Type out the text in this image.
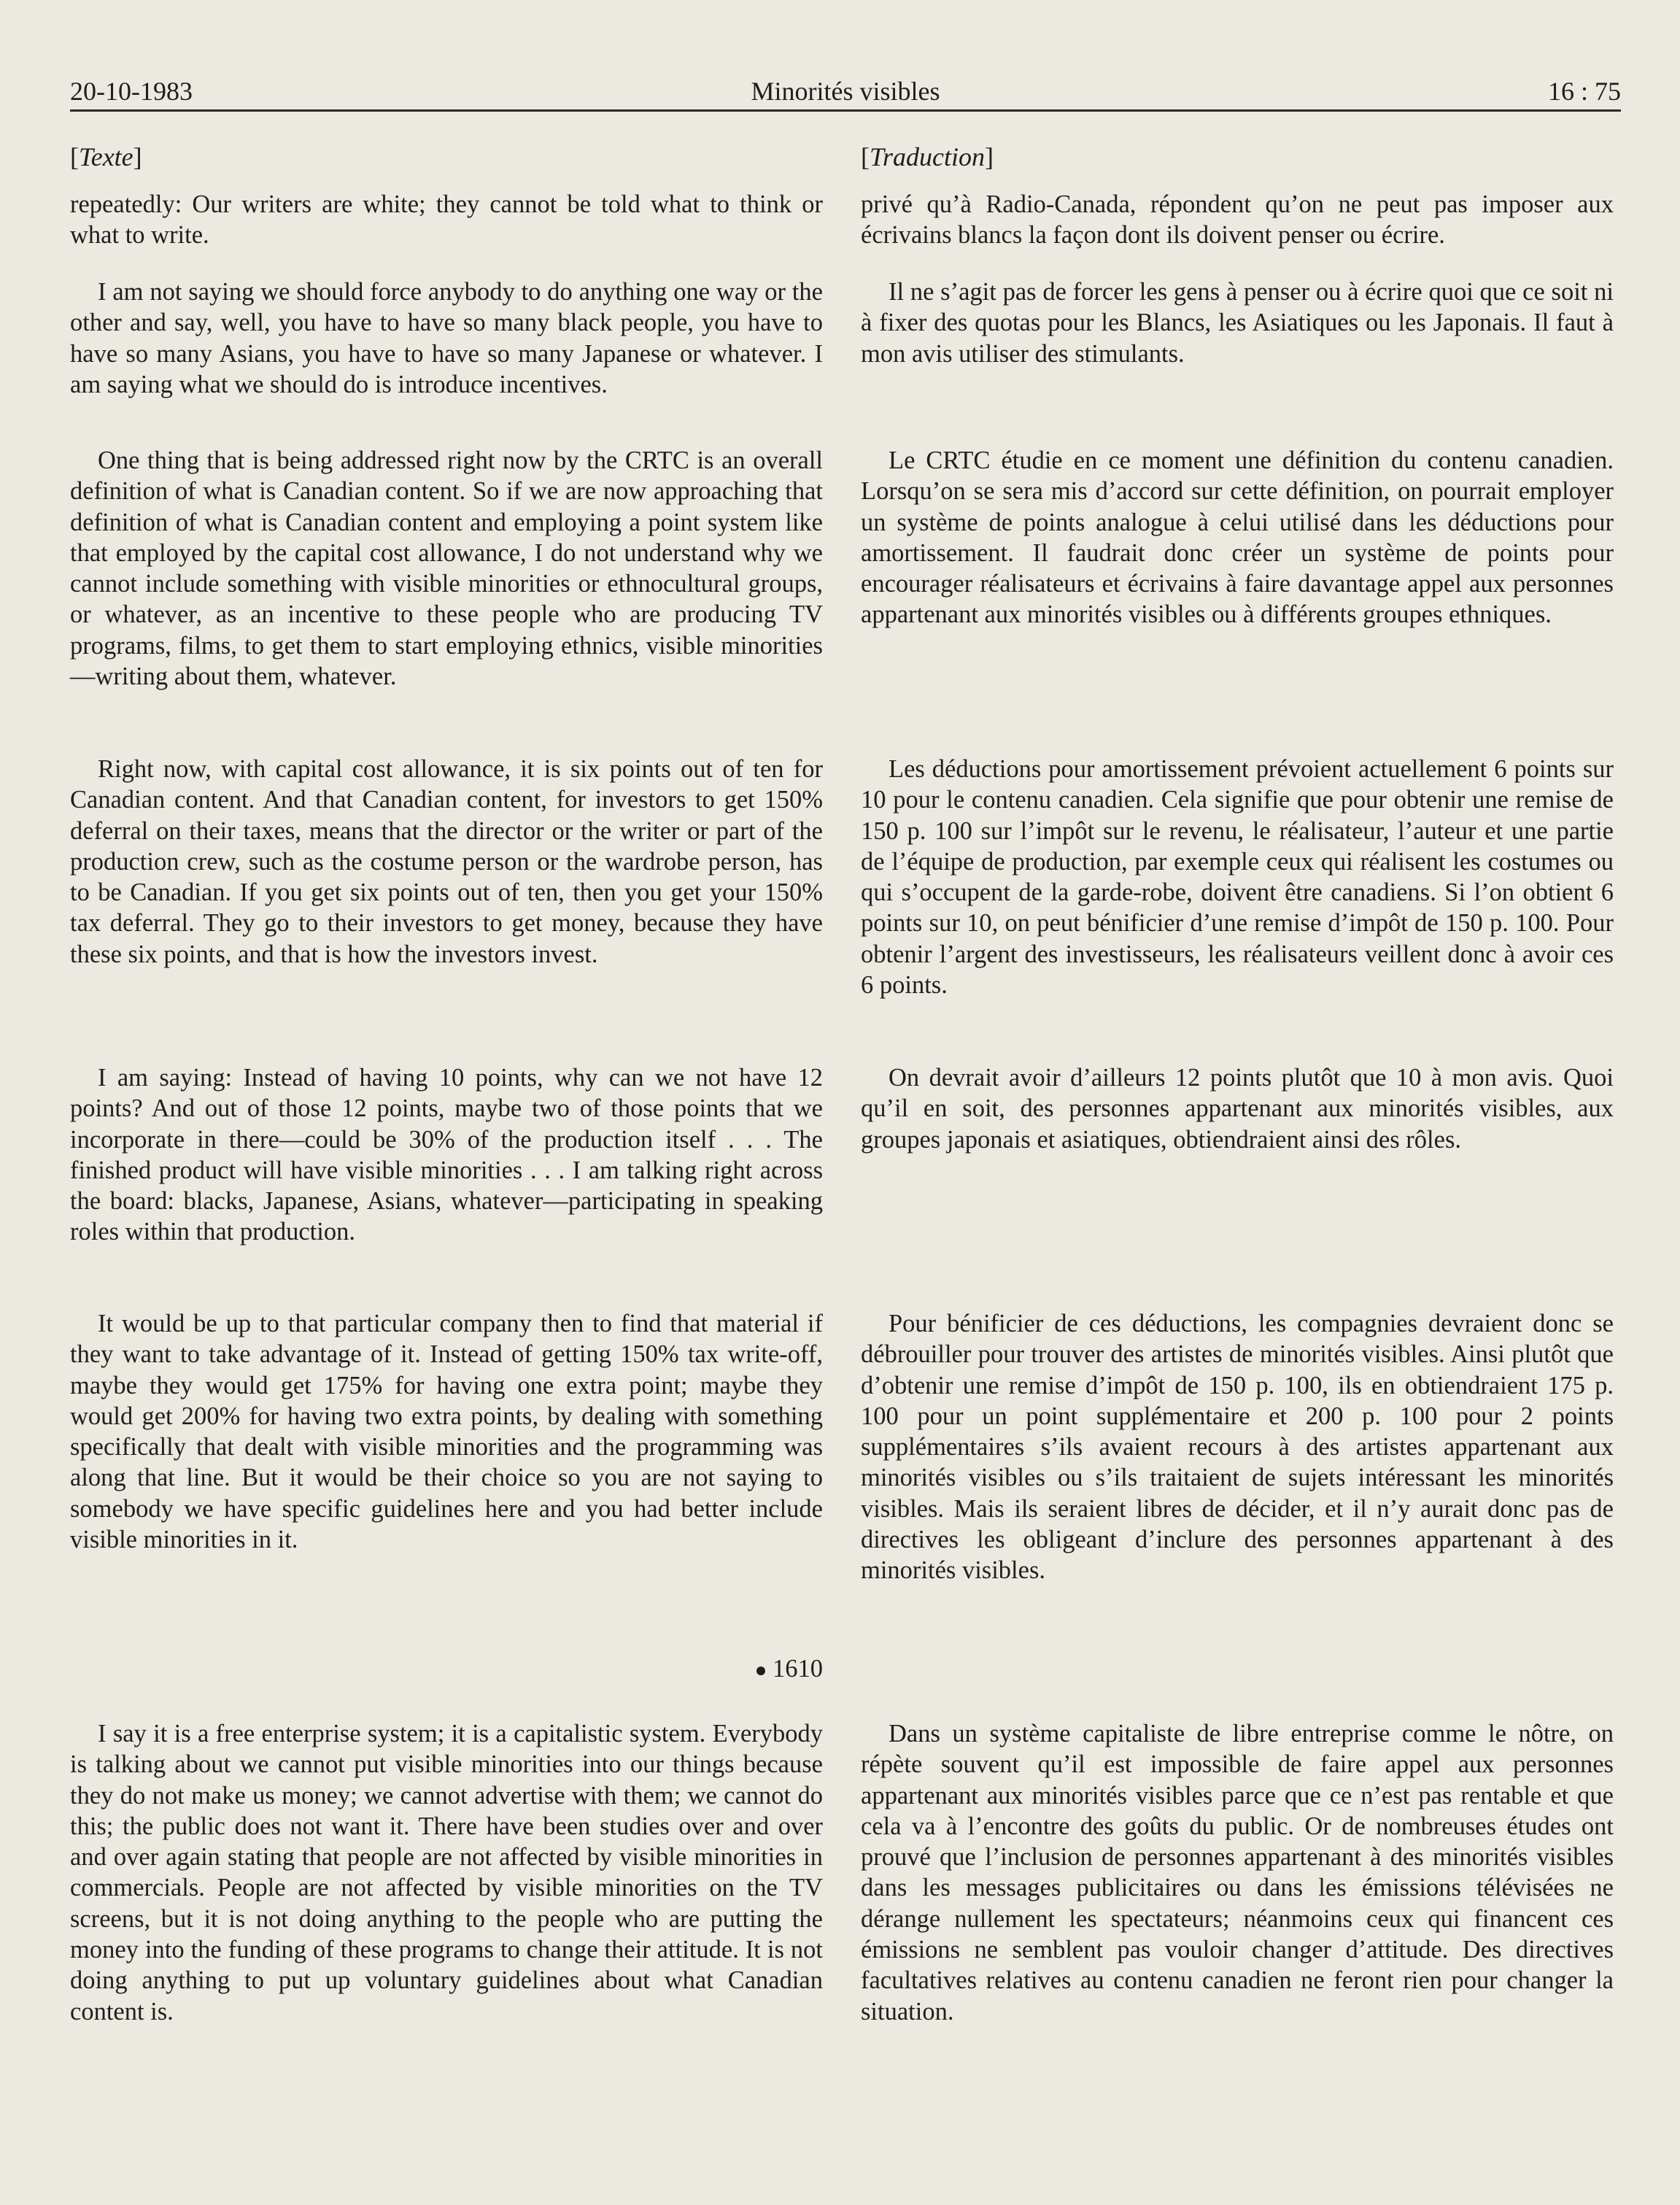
20-10-1983	Minorités visibles	16 : 75
[Texte]

repeatedly: Our writers are white; they cannot be told what to think or what to write.

I am not saying we should force anybody to do anything one way or the other and say, well, you have to have so many black people, you have to have so many Asians, you have to have so many Japanese or whatever. I am saying what we should do is introduce incentives.

One thing that is being addressed right now by the CRTC is an overall definition of what is Canadian content. So if we are now approaching that definition of what is Canadian content and employing a point system like that employed by the capital cost allowance, I do not understand why we cannot include something with visible minorities or ethnocultural groups, or whatever, as an incentive to these people who are producing TV programs, films, to get them to start employing ethnics, visible minorities—writing about them, whatever.

Right now, with capital cost allowance, it is six points out of ten for Canadian content. And that Canadian content, for investors to get 150% deferral on their taxes, means that the director or the writer or part of the production crew, such as the costume person or the wardrobe person, has to be Canadian. If you get six points out of ten, then you get your 150% tax deferral. They go to their investors to get money, because they have these six points, and that is how the investors invest.

I am saying: Instead of having 10 points, why can we not have 12 points? And out of those 12 points, maybe two of those points that we incorporate in there—could be 30% of the production itself . . . The finished product will have visible minorities . . . I am talking right across the board: blacks, Japanese, Asians, whatever—participating in speaking roles within that production.

It would be up to that particular company then to find that material if they want to take advantage of it. Instead of getting 150% tax write-off, maybe they would get 175% for having one extra point; maybe they would get 200% for having two extra points, by dealing with something specifically that dealt with visible minorities and the programming was along that line. But it would be their choice so you are not saying to somebody we have specific guidelines here and you had better include visible minorities in it.

1610

I say it is a free enterprise system; it is a capitalistic system. Everybody is talking about we cannot put visible minorities into our things because they do not make us money; we cannot advertise with them; we cannot do this; the public does not want it. There have been studies over and over and over again stating that people are not affected by visible minorities in commercials. People are not affected by visible minorities on the TV screens, but it is not doing anything to the people who are putting the money into the funding of these programs to change their attitude. It is not doing anything to put up voluntary guidelines about what Canadian content is.

[Traduction]

privé qu’à Radio-Canada, répondent qu’on ne peut pas imposer aux écrivains blancs la façon dont ils doivent penser ou écrire.

Il ne s’agit pas de forcer les gens à penser ou à écrire quoi que ce soit ni à fixer des quotas pour les Blancs, les Asiatiques ou les Japonais. Il faut à mon avis utiliser des stimulants.

Le CRTC étudie en ce moment une définition du contenu canadien. Lorsqu’on se sera mis d’accord sur cette définition, on pourrait employer un système de points analogue à celui utilisé dans les déductions pour amortissement. Il faudrait donc créer un système de points pour encourager réalisateurs et écrivains à faire davantage appel aux personnes appartenant aux minorités visibles ou à différents groupes ethniques.

Les déductions pour amortissement prévoient actuellement 6 points sur 10 pour le contenu canadien. Cela signifie que pour obtenir une remise de 150 p. 100 sur l’impôt sur le revenu, le réalisateur, l’auteur et une partie de l’équipe de production, par exemple ceux qui réalisent les costumes ou qui s’occupent de la garde-robe, doivent être canadiens. Si l’on obtient 6 points sur 10, on peut bénificier d’une remise d’impôt de 150 p. 100. Pour obtenir l’argent des investisseurs, les réalisateurs veillent donc à avoir ces 6 points.

On devrait avoir d’ailleurs 12 points plutôt que 10 à mon avis. Quoi qu’il en soit, des personnes appartenant aux minorités visibles, aux groupes japonais et asiatiques, obtiendraient ainsi des rôles.

Pour bénificier de ces déductions, les compagnies devraient donc se débrouiller pour trouver des artistes de minorités visibles. Ainsi plutôt que d’obtenir une remise d’impôt de 150 p. 100, ils en obtiendraient 175 p. 100 pour un point supplémentaire et 200 p. 100 pour 2 points supplémentaires s’ils avaient recours à des artistes appartenant aux minorités visibles ou s’ils traitaient de sujets intéressant les minorités visibles. Mais ils seraient libres de décider, et il n’y aurait donc pas de directives les obligeant d’inclure des personnes appartenant à des minorités visibles.

Dans un système capitaliste de libre entreprise comme le nôtre, on répète souvent qu’il est impossible de faire appel aux personnes appartenant aux minorités visibles parce que ce n’est pas rentable et que cela va à l’encontre des goûts du public. Or de nombreuses études ont prouvé que l’inclusion de personnes appartenant à des minorités visibles dans les messages publicitaires ou dans les émissions télévisées ne dérange nullement les spectateurs; néanmoins ceux qui financent ces émissions ne semblent pas vouloir changer d’attitude. Des directives facultatives relatives au contenu canadien ne feront rien pour changer la situation.
